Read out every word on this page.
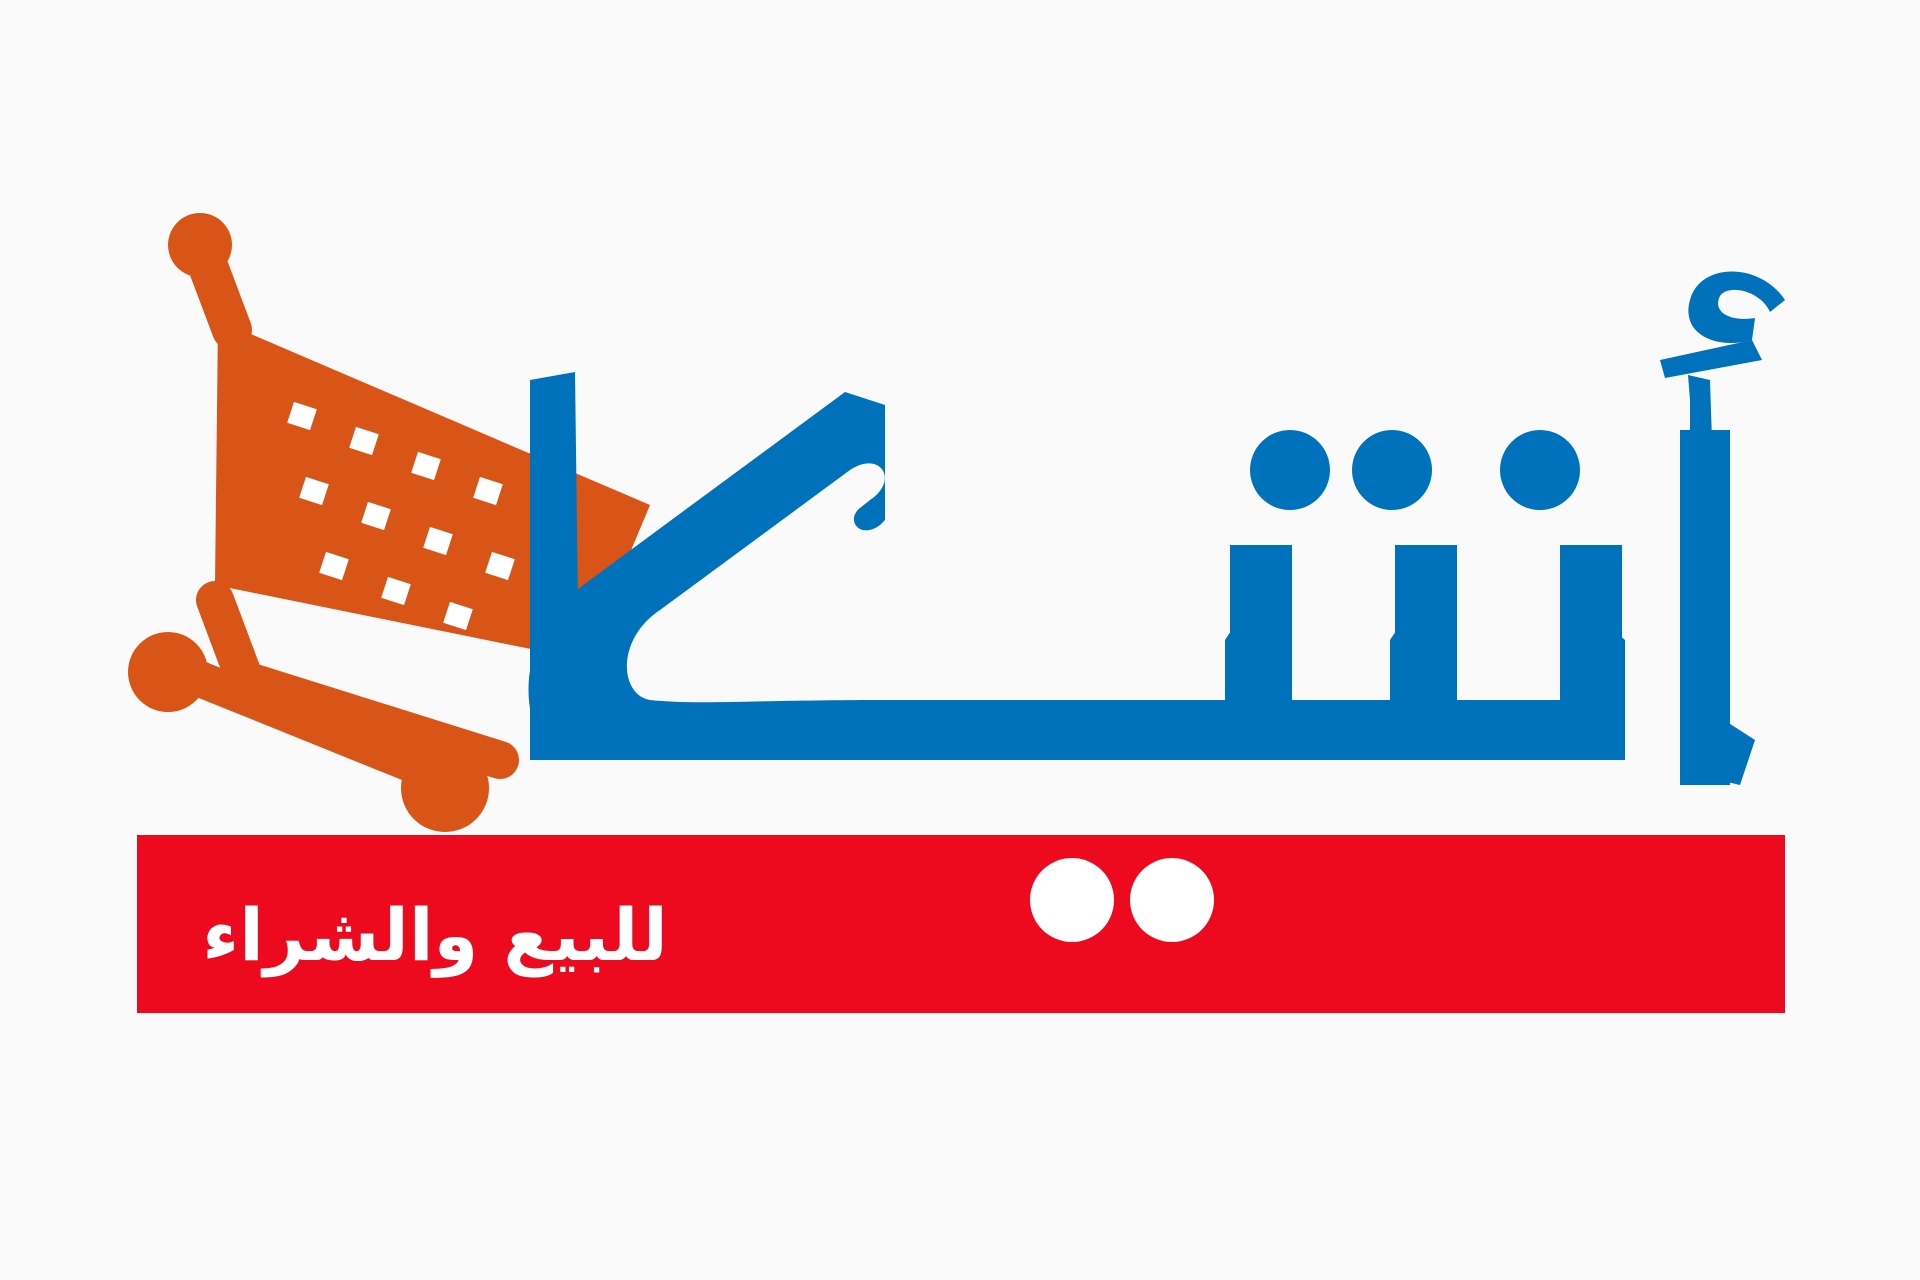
للبيع والشراء
